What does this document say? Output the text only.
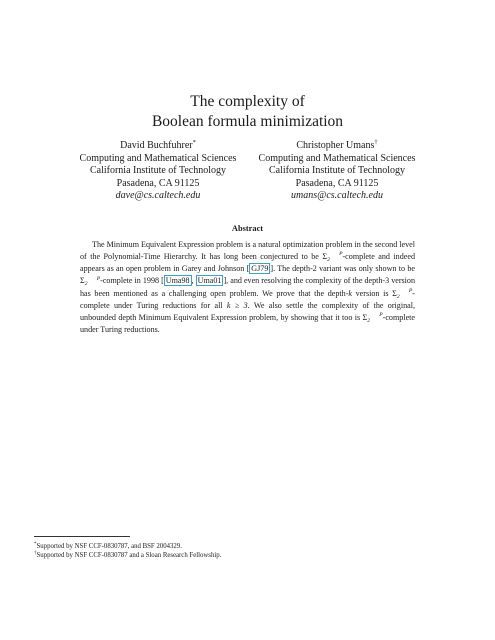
The complexity of
Boolean formula minimization
David Buchfuhrer*
Computing and Mathematical Sciences
California Institute of Technology
Pasadena, CA 91125
dave@cs.caltech.edu
Christopher Umans†
Computing and Mathematical Sciences
California Institute of Technology
Pasadena, CA 91125
umans@cs.caltech.edu
Abstract

The Minimum Equivalent Expression problem is a natural optimization problem in the second level of the Polynomial-Time Hierarchy. It has long been conjectured to be Σ P
2 -complete and indeed appears as an open problem in Garey and Johnson [ GJ79 ]. The depth-2 variant was only shown to be Σ P
2 -complete in 1998 [ Uma98 , Uma01 ], and even resolving the complexity of the depth-3 version has been mentioned as a challenging open problem. We prove that the depth-k version is Σ P
2 -complete under Turing reductions for all k ≥ 3. We also settle the complexity of the original, unbounded depth Minimum Equivalent Expression problem, by showing that it too is Σ P
2 -complete under Turing reductions.

*Supported by NSF CCF-0830787, and BSF 2004329.
†Supported by NSF CCF-0830787 and a Sloan Research Fellowship.
